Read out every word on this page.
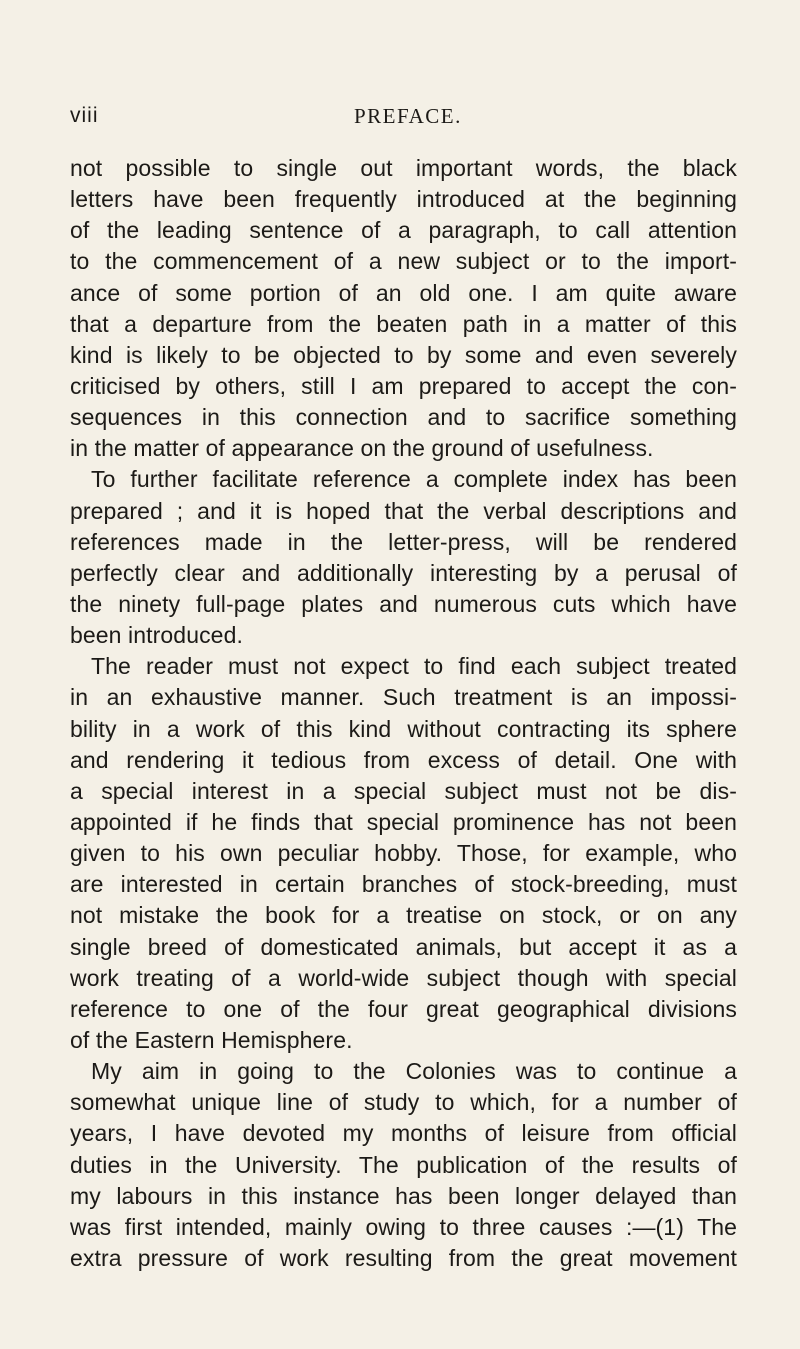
viii	PREFACE.
not possible to single out important words, the black
letters have been frequently introduced at the beginning
of the leading sentence of a paragraph, to call attention
to the commencement of a new subject or to the import-
ance of some portion of an old one. I am quite aware
that a departure from the beaten path in a matter of this
kind is likely to be objected to by some and even severely
criticised by others, still I am prepared to accept the con-
sequences in this connection and to sacrifice something
in the matter of appearance on the ground of usefulness.
To further facilitate reference a complete index has been
prepared ; and it is hoped that the verbal descriptions and
references made in the letter-press, will be rendered
perfectly clear and additionally interesting by a perusal of
the ninety full-page plates and numerous cuts which have
been introduced.
The reader must not expect to find each subject treated
in an exhaustive manner. Such treatment is an impossi-
bility in a work of this kind without contracting its sphere
and rendering it tedious from excess of detail. One with
a special interest in a special subject must not be dis-
appointed if he finds that special prominence has not been
given to his own peculiar hobby. Those, for example, who
are interested in certain branches of stock-breeding, must
not mistake the book for a treatise on stock, or on any
single breed of domesticated animals, but accept it as a
work treating of a world-wide subject though with special
reference to one of the four great geographical divisions
of the Eastern Hemisphere.
My aim in going to the Colonies was to continue a
somewhat unique line of study to which, for a number of
years, I have devoted my months of leisure from official
duties in the University. The publication of the results of
my labours in this instance has been longer delayed than
was first intended, mainly owing to three causes :—(1) The
extra pressure of work resulting from the great movement
